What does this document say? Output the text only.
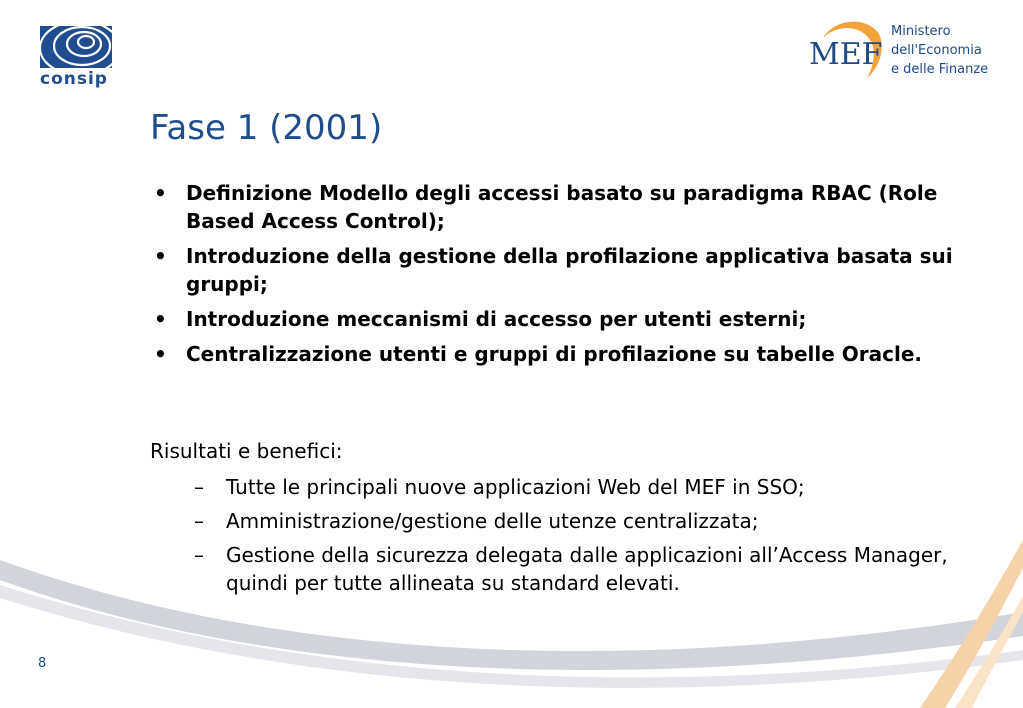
consip
MEF
Ministero
dell'Economia
e delle Finanze
Fase 1 (2001)
• Definizione Modello degli accessi basato su paradigma RBAC (Role Based Access Control);
• Introduzione della gestione della profilazione applicativa basata sui gruppi;
• Introduzione meccanismi di accesso per utenti esterni;
• Centralizzazione utenti e gruppi di profilazione su tabelle Oracle.
Risultati e benefici:
– Tutte le principali nuove applicazioni Web del MEF in SSO;
– Amministrazione/gestione delle utenze centralizzata;
– Gestione della sicurezza delegata dalle applicazioni all’Access Manager, quindi per tutte allineata su standard elevati.
8
